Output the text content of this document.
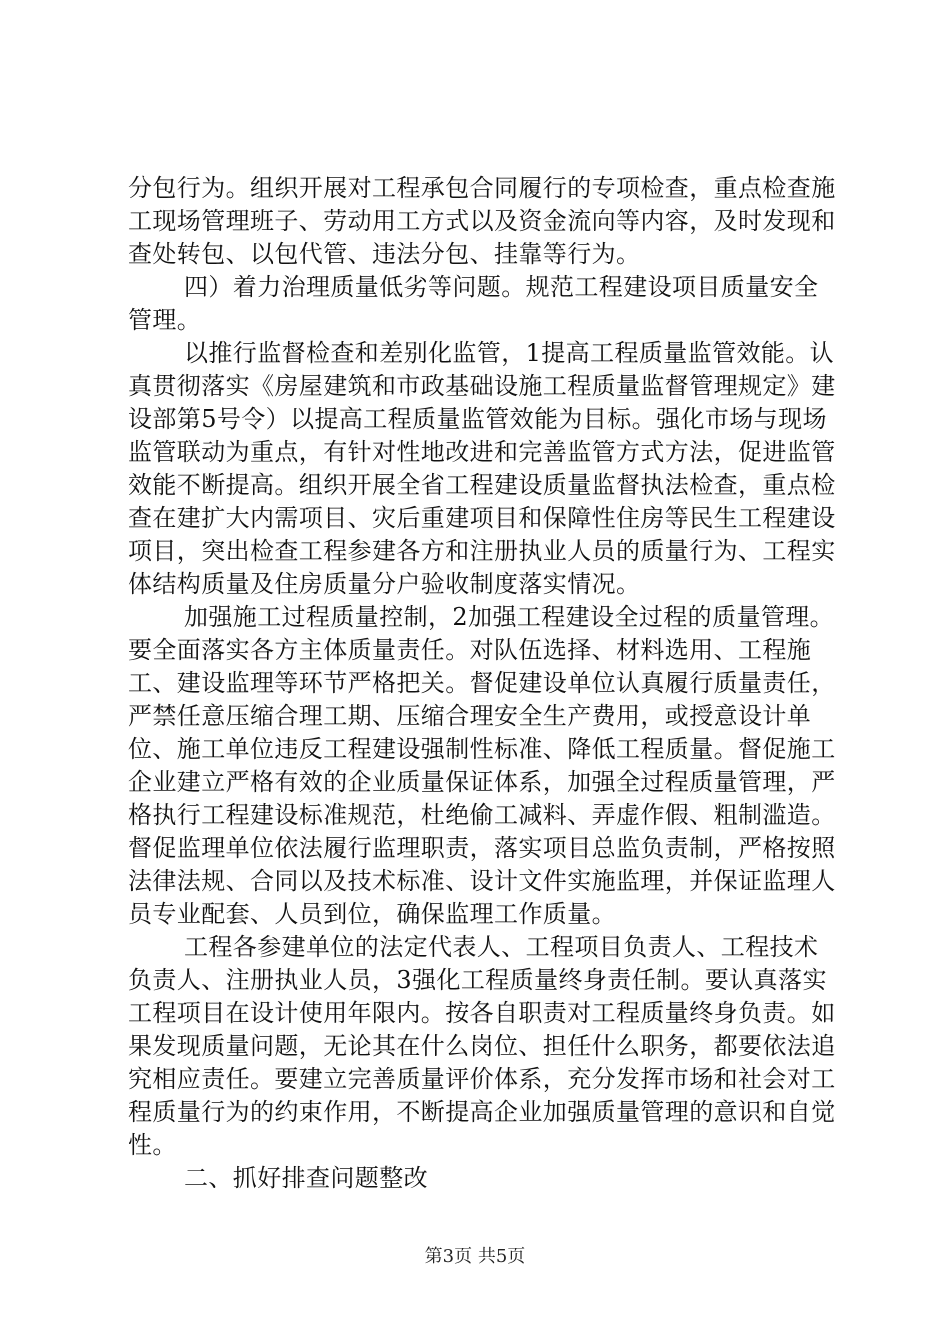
分包行为。组织开展对工程承包合同履行的专项检查，重点检查施工现场管理班子、劳动用工方式以及资金流向等内容，及时发现和查处转包、以包代管、违法分包、挂靠等行为。

四）着力治理质量低劣等问题。规范工程建设项目质量安全管理。

以推行监督检查和差别化监管，1提高工程质量监管效能。认真贯彻落实《房屋建筑和市政基础设施工程质量监督管理规定》建设部第5号令）以提高工程质量监管效能为目标。强化市场与现场监管联动为重点，有针对性地改进和完善监管方式方法，促进监管效能不断提高。组织开展全省工程建设质量监督执法检查，重点检查在建扩大内需项目、灾后重建项目和保障性住房等民生工程建设项目，突出检查工程参建各方和注册执业人员的质量行为、工程实体结构质量及住房质量分户验收制度落实情况。

加强施工过程质量控制，2加强工程建设全过程的质量管理。要全面落实各方主体质量责任。对队伍选择、材料选用、工程施工、建设监理等环节严格把关。督促建设单位认真履行质量责任，严禁任意压缩合理工期、压缩合理安全生产费用，或授意设计单位、施工单位违反工程建设强制性标准、降低工程质量。督促施工企业建立严格有效的企业质量保证体系，加强全过程质量管理，严格执行工程建设标准规范，杜绝偷工减料、弄虚作假、粗制滥造。督促监理单位依法履行监理职责，落实项目总监负责制，严格按照法律法规、合同以及技术标准、设计文件实施监理，并保证监理人员专业配套、人员到位，确保监理工作质量。

工程各参建单位的法定代表人、工程项目负责人、工程技术负责人、注册执业人员，3强化工程质量终身责任制。要认真落实工程项目在设计使用年限内。按各自职责对工程质量终身负责。如果发现质量问题，无论其在什么岗位、担任什么职务，都要依法追究相应责任。要建立完善质量评价体系，充分发挥市场和社会对工程质量行为的约束作用，不断提高企业加强质量管理的意识和自觉性。

二、抓好排查问题整改

第3页 共5页
